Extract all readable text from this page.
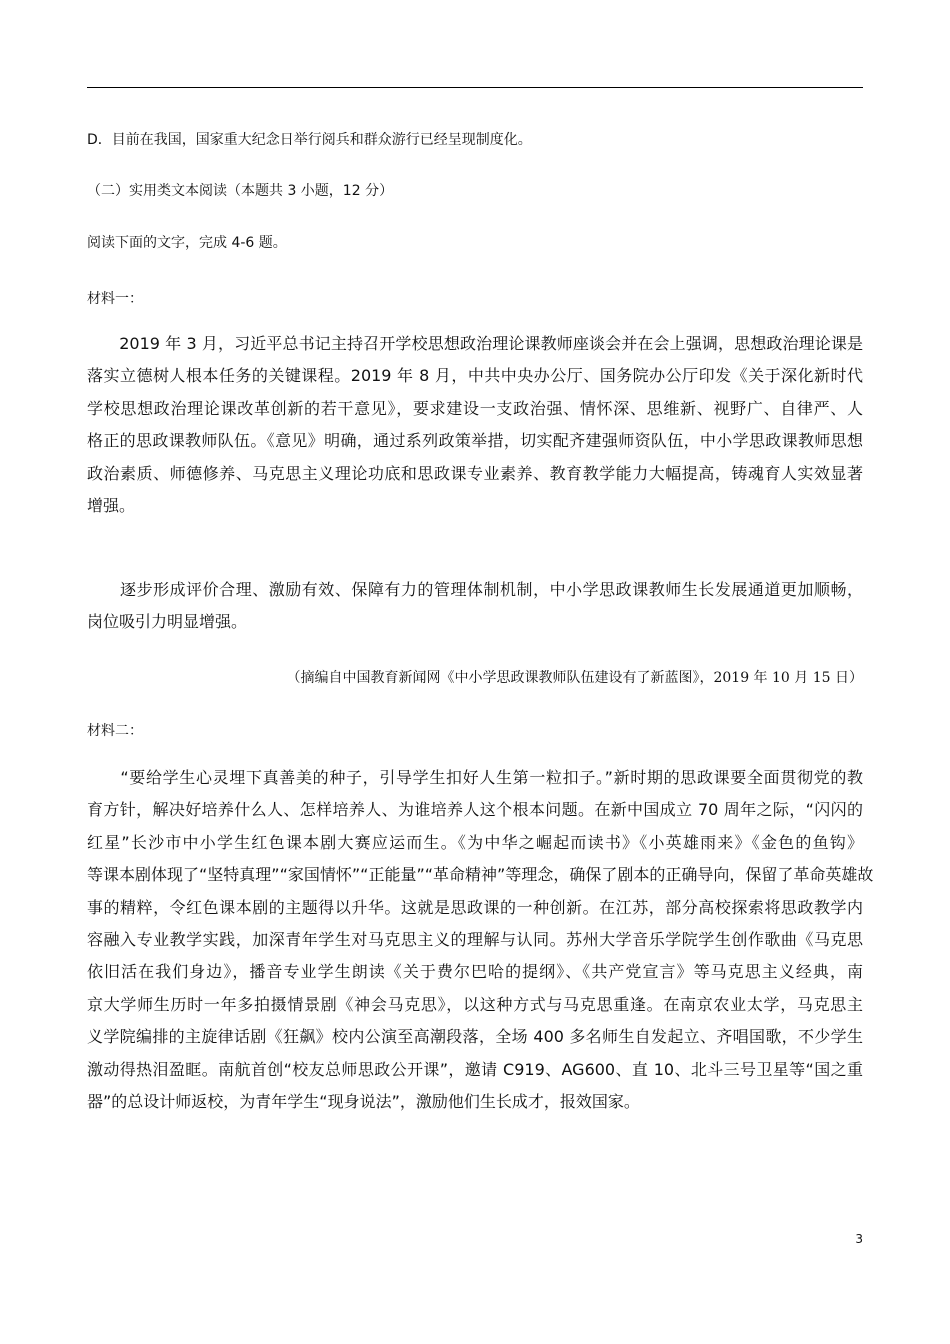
D．目前在我国，国家重大纪念日举行阅兵和群众游行已经呈现制度化。
（二）实用类文本阅读（本题共 3 小题，12 分）
阅读下面的文字，完成 4-6 题。
材料一：
　　2019 年 3 月，习近平总书记主持召开学校思想政治理论课教师座谈会并在会上强调，思想政治理论课是
落实立德树人根本任务的关键课程。2019 年 8 月，中共中央办公厅、国务院办公厅印发《关于深化新时代
学校思想政治理论课改革创新的若干意见》，要求建设一支政治强、情怀深、思维新、视野广、自律严、人
格正的思政课教师队伍。《意见》明确，通过系列政策举措，切实配齐建强师资队伍，中小学思政课教师思想
政治素质、师德修养、马克思主义理论功底和思政课专业素养、教育教学能力大幅提高，铸魂育人实效显著
增强。
　　逐步形成评价合理、激励有效、保障有力的管理体制机制，中小学思政课教师生长发展通道更加顺畅，
岗位吸引力明显增强。
（摘编自中国教育新闻网《中小学思政课教师队伍建设有了新蓝图》，2019 年 10 月 15 日）
材料二：
　　“要给学生心灵埋下真善美的种子，引导学生扣好人生第一粒扣子。”新时期的思政课要全面贯彻党的教
育方针，解决好培养什么人、怎样培养人、为谁培养人这个根本问题。在新中国成立 70 周年之际，“闪闪的
红星”长沙市中小学生红色课本剧大赛应运而生。《为中华之崛起而读书》《小英雄雨来》《金色的鱼钩》
等课本剧体现了“坚特真理”“家国情怀”“正能量”“革命精神”等理念，确保了剧本的正确导向，保留了革命英雄故
事的精粹，令红色课本剧的主题得以升华。这就是思政课的一种创新。在江苏，部分高校探索将思政教学内
容融入专业教学实践，加深青年学生对马克思主义的理解与认同。苏州大学音乐学院学生创作歌曲《马克思
依旧活在我们身边》，播音专业学生朗读《关于费尔巴哈的提纲》、《共产党宣言》等马克思主义经典，南
京大学师生历时一年多拍摄情景剧《神会马克思》，以这种方式与马克思重逢。在南京农业太学，马克思主
义学院编排的主旋律话剧《狂飙》校内公演至高潮段落，全场 400 多名师生自发起立、齐唱国歌，不少学生
激动得热泪盈眶。南航首创“校友总师思政公开课”，邀请 C919、AG600、直 10、北斗三号卫星等“国之重
器”的总设计师返校，为青年学生“现身说法”，激励他们生长成才，报效国家。
3
